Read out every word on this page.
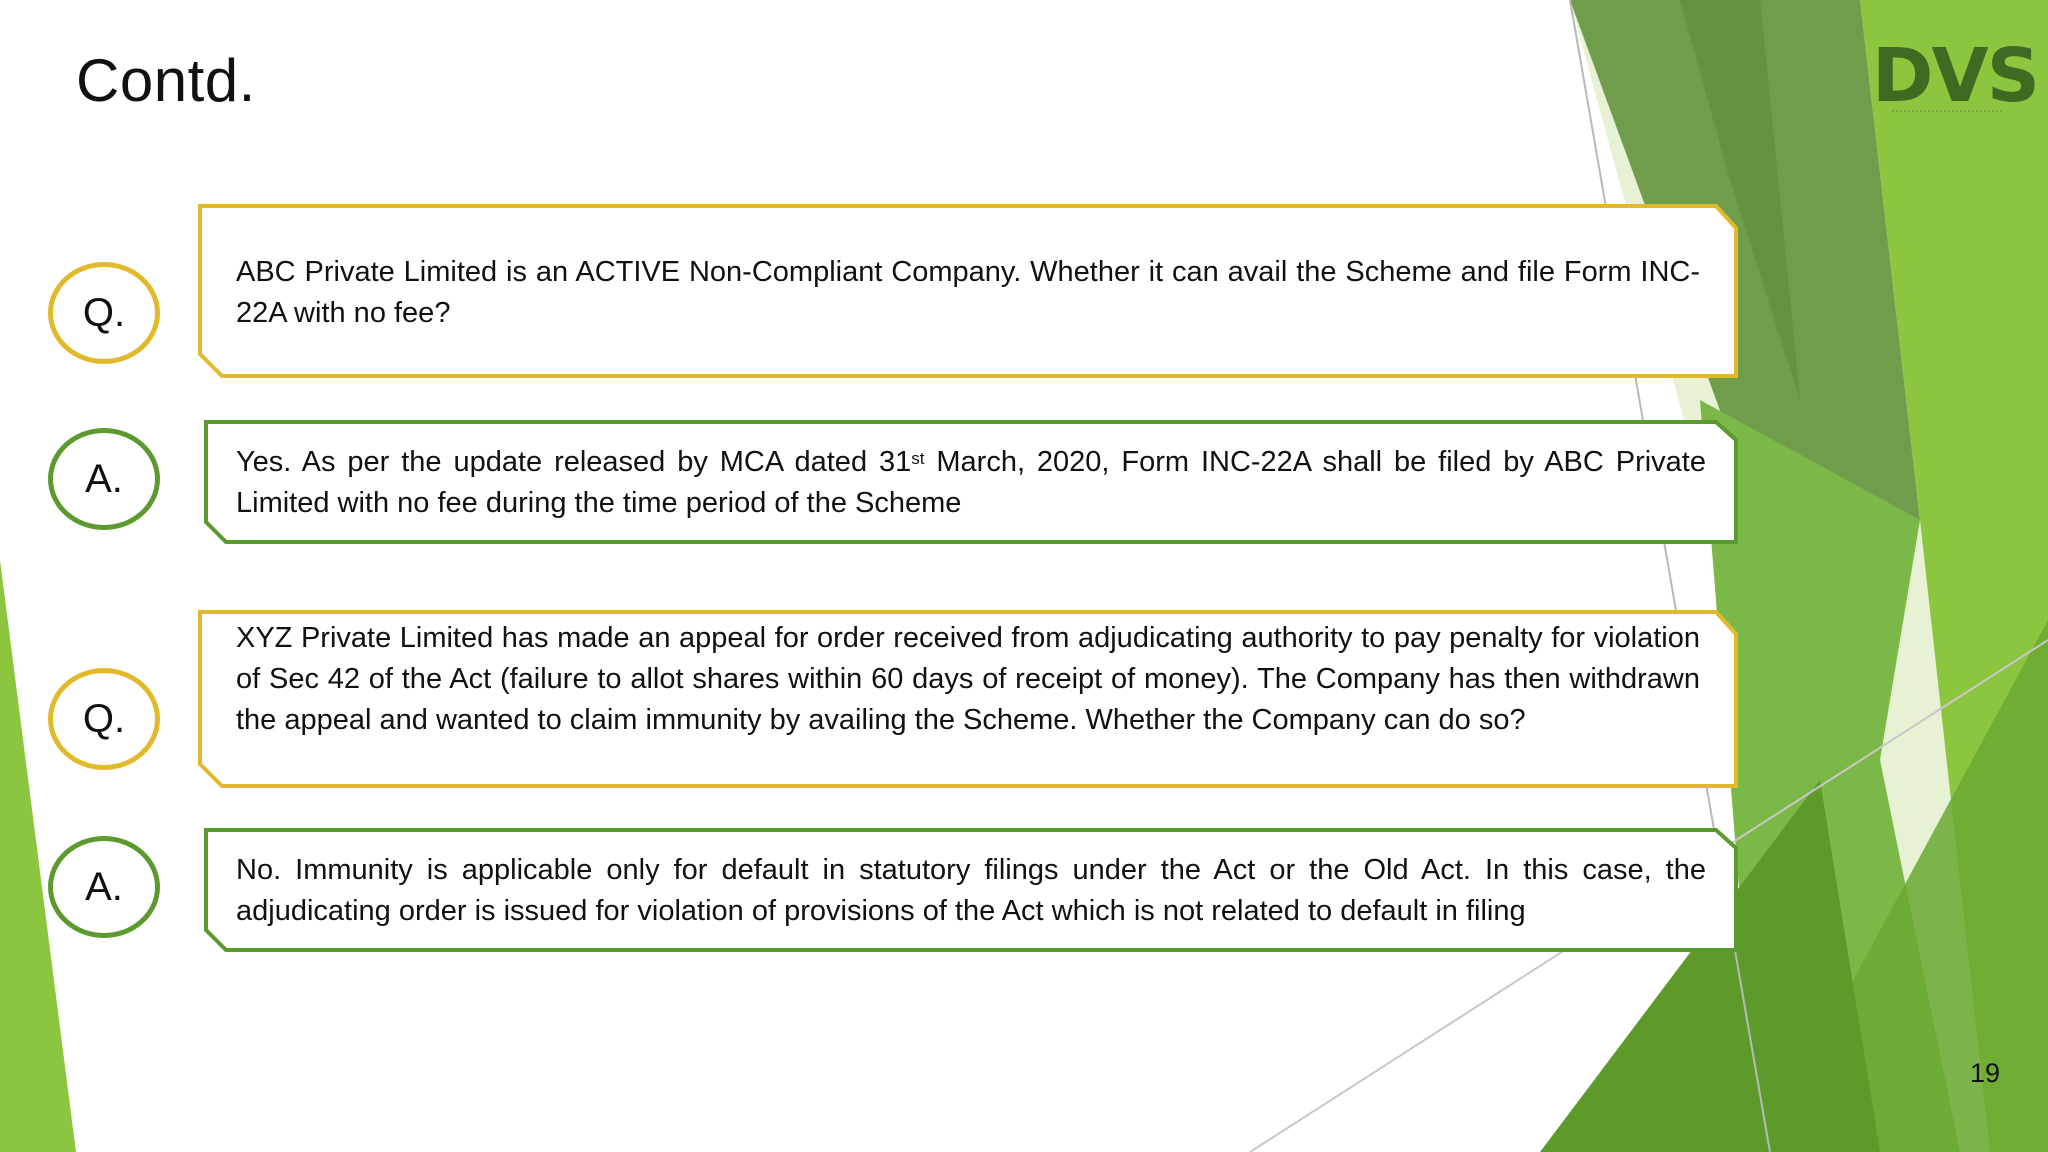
Contd.	DVS
Q.
ABC Private Limited is an ACTIVE Non-Compliant Company. Whether it can avail the Scheme and file Form INC-22A with no fee?
A.	Yes. As per the update released by MCA dated 31st March, 2020, Form INC-22A shall be filed by ABC Private Limited with no fee during the time period of the Scheme
Q.
XYZ Private Limited has made an appeal for order received from adjudicating authority to pay penalty for violation of Sec 42 of the Act (failure to allot shares within 60 days of receipt of money). The Company has then withdrawn the appeal and wanted to claim immunity by availing the Scheme. Whether the Company can do so?
A.	No. Immunity is applicable only for default in statutory filings under the Act or the Old Act. In this case, the adjudicating order is issued for violation of provisions of the Act which is not related to default in filing
19
